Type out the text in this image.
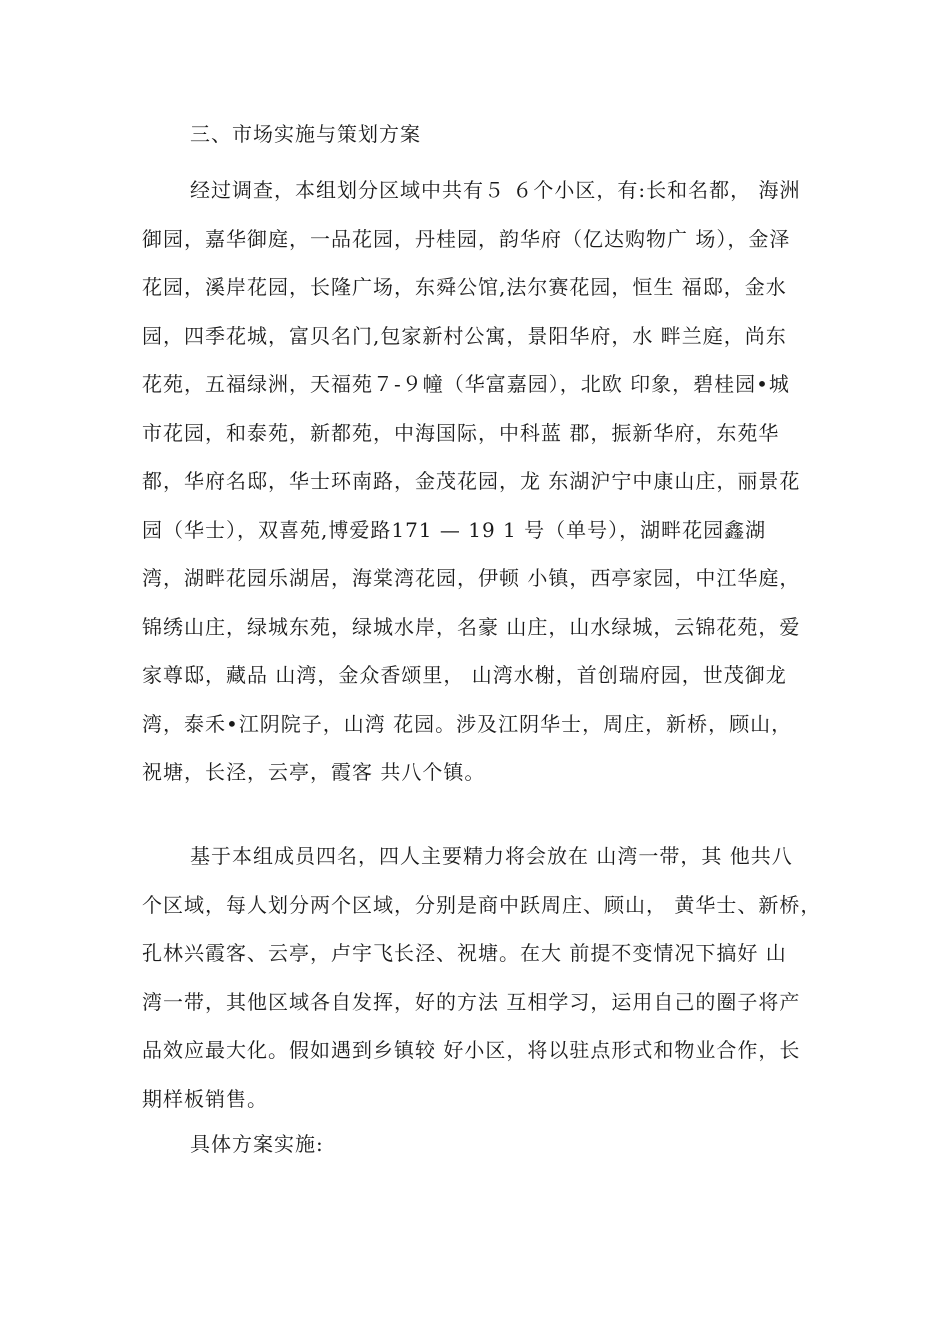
三、市场实施与策划方案
经过调查，本组划分区域中共有５ ６个小区，有:长和名都， 海洲
御园，嘉华御庭，一品花园，丹桂园，韵华府（亿达购物广 场），金泽
花园，溪岸花园，长隆广场，东舜公馆,法尔赛花园，恒生 福邸，金水
园，四季花城，富贝名门,包家新村公寓，景阳华府，水 畔兰庭，尚东
花苑，五福绿洲，天福苑７-９幢（华富嘉园），北欧 印象，碧桂园•城
市花园，和泰苑，新都苑，中海国际，中科蓝 郡，振新华府，东苑华
都，华府名邸，华士环南路，金茂花园，龙 东湖沪宁中康山庄，丽景花
园（华士），双喜苑,博爱路171 — 19 1 号（单号），湖畔花园鑫湖
湾，湖畔花园乐湖居，海棠湾花园，伊顿 小镇，西亭家园，中江华庭，
锦绣山庄，绿城东苑，绿城水岸，名豪 山庄，山水绿城，云锦花苑，爱
家尊邸，藏品 山湾，金众香颂里， 山湾水榭，首创瑞府园，世茂御龙
湾，泰禾•江阴院子，山湾 花园。涉及江阴华士，周庄，新桥，顾山，
祝塘，长泾，云亭，霞客 共八个镇。
基于本组成员四名，四人主要精力将会放在 山湾一带，其 他共八
个区域，每人划分两个区域，分别是商中跃周庄、顾山， 黄华士、新桥，
孔林兴霞客、云亭，卢宇飞长泾、祝塘。在大 前提不变情况下搞好 山
湾一带，其他区域各自发挥，好的方法 互相学习，运用自己的圈子将产
品效应最大化。假如遇到乡镇较 好小区，将以驻点形式和物业合作，长
期样板销售。
具体方案实施:
